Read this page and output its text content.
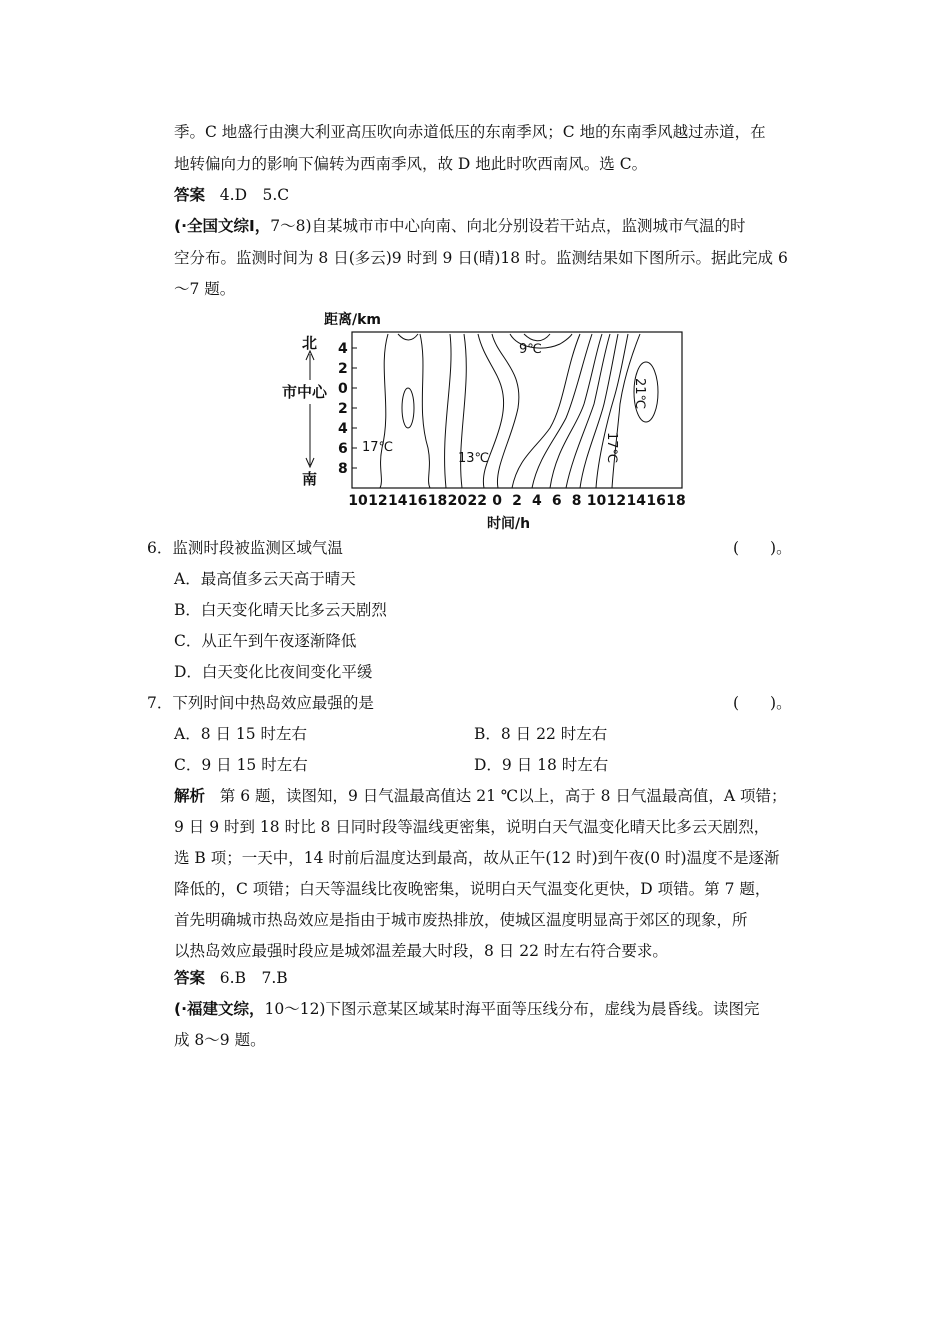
季。C 地盛行由澳大利亚高压吹向赤道低压的东南季风；C 地的东南季风越过赤道，在
地转偏向力的影响下偏转为西南季风，故 D 地此时吹西南风。选 C。
答案 4.D　5.C
(·全国文综Ⅰ，7～8)自某城市市中心向南、向北分别设若干站点，监测城市气温的时
空分布。监测时间为 8 日(多云)9 时到 9 日(晴)18 时。监测结果如下图所示。据此完成 6
～7 题。
距离/km
北
市中心
南
4
2
0
2
4
6
8
10 12 14 16 18 20 22 0 2 4 6 8 10 12 14 16 18
9℃
17℃
13℃
21℃
17℃
时间/h
6．监测时段被监测区域气温	(　　)。
A．最高值多云天高于晴天
B．白天变化晴天比多云天剧烈
C．从正午到午夜逐渐降低
D．白天变化比夜间变化平缓
7．下列时间中热岛效应最强的是	(　　)。
A．8 日 15 时左右	B．8 日 22 时左右
C．9 日 15 时左右	D．9 日 18 时左右
解析 第 6 题，读图知，9 日气温最高值达 21 ℃以上，高于 8 日气温最高值，A 项错；
9 日 9 时到 18 时比 8 日同时段等温线更密集，说明白天气温变化晴天比多云天剧烈，
选 B 项；一天中，14 时前后温度达到最高，故从正午(12 时)到午夜(0 时)温度不是逐渐
降低的，C 项错；白天等温线比夜晚密集，说明白天气温变化更快，D 项错。第 7 题，
首先明确城市热岛效应是指由于城市废热排放，使城区温度明显高于郊区的现象，所
以热岛效应最强时段应是城郊温差最大时段，8 日 22 时左右符合要求。
答案 6.B　7.B
(·福建文综，10～12)下图示意某区域某时海平面等压线分布，虚线为晨昏线。读图完
成 8～9 题。
